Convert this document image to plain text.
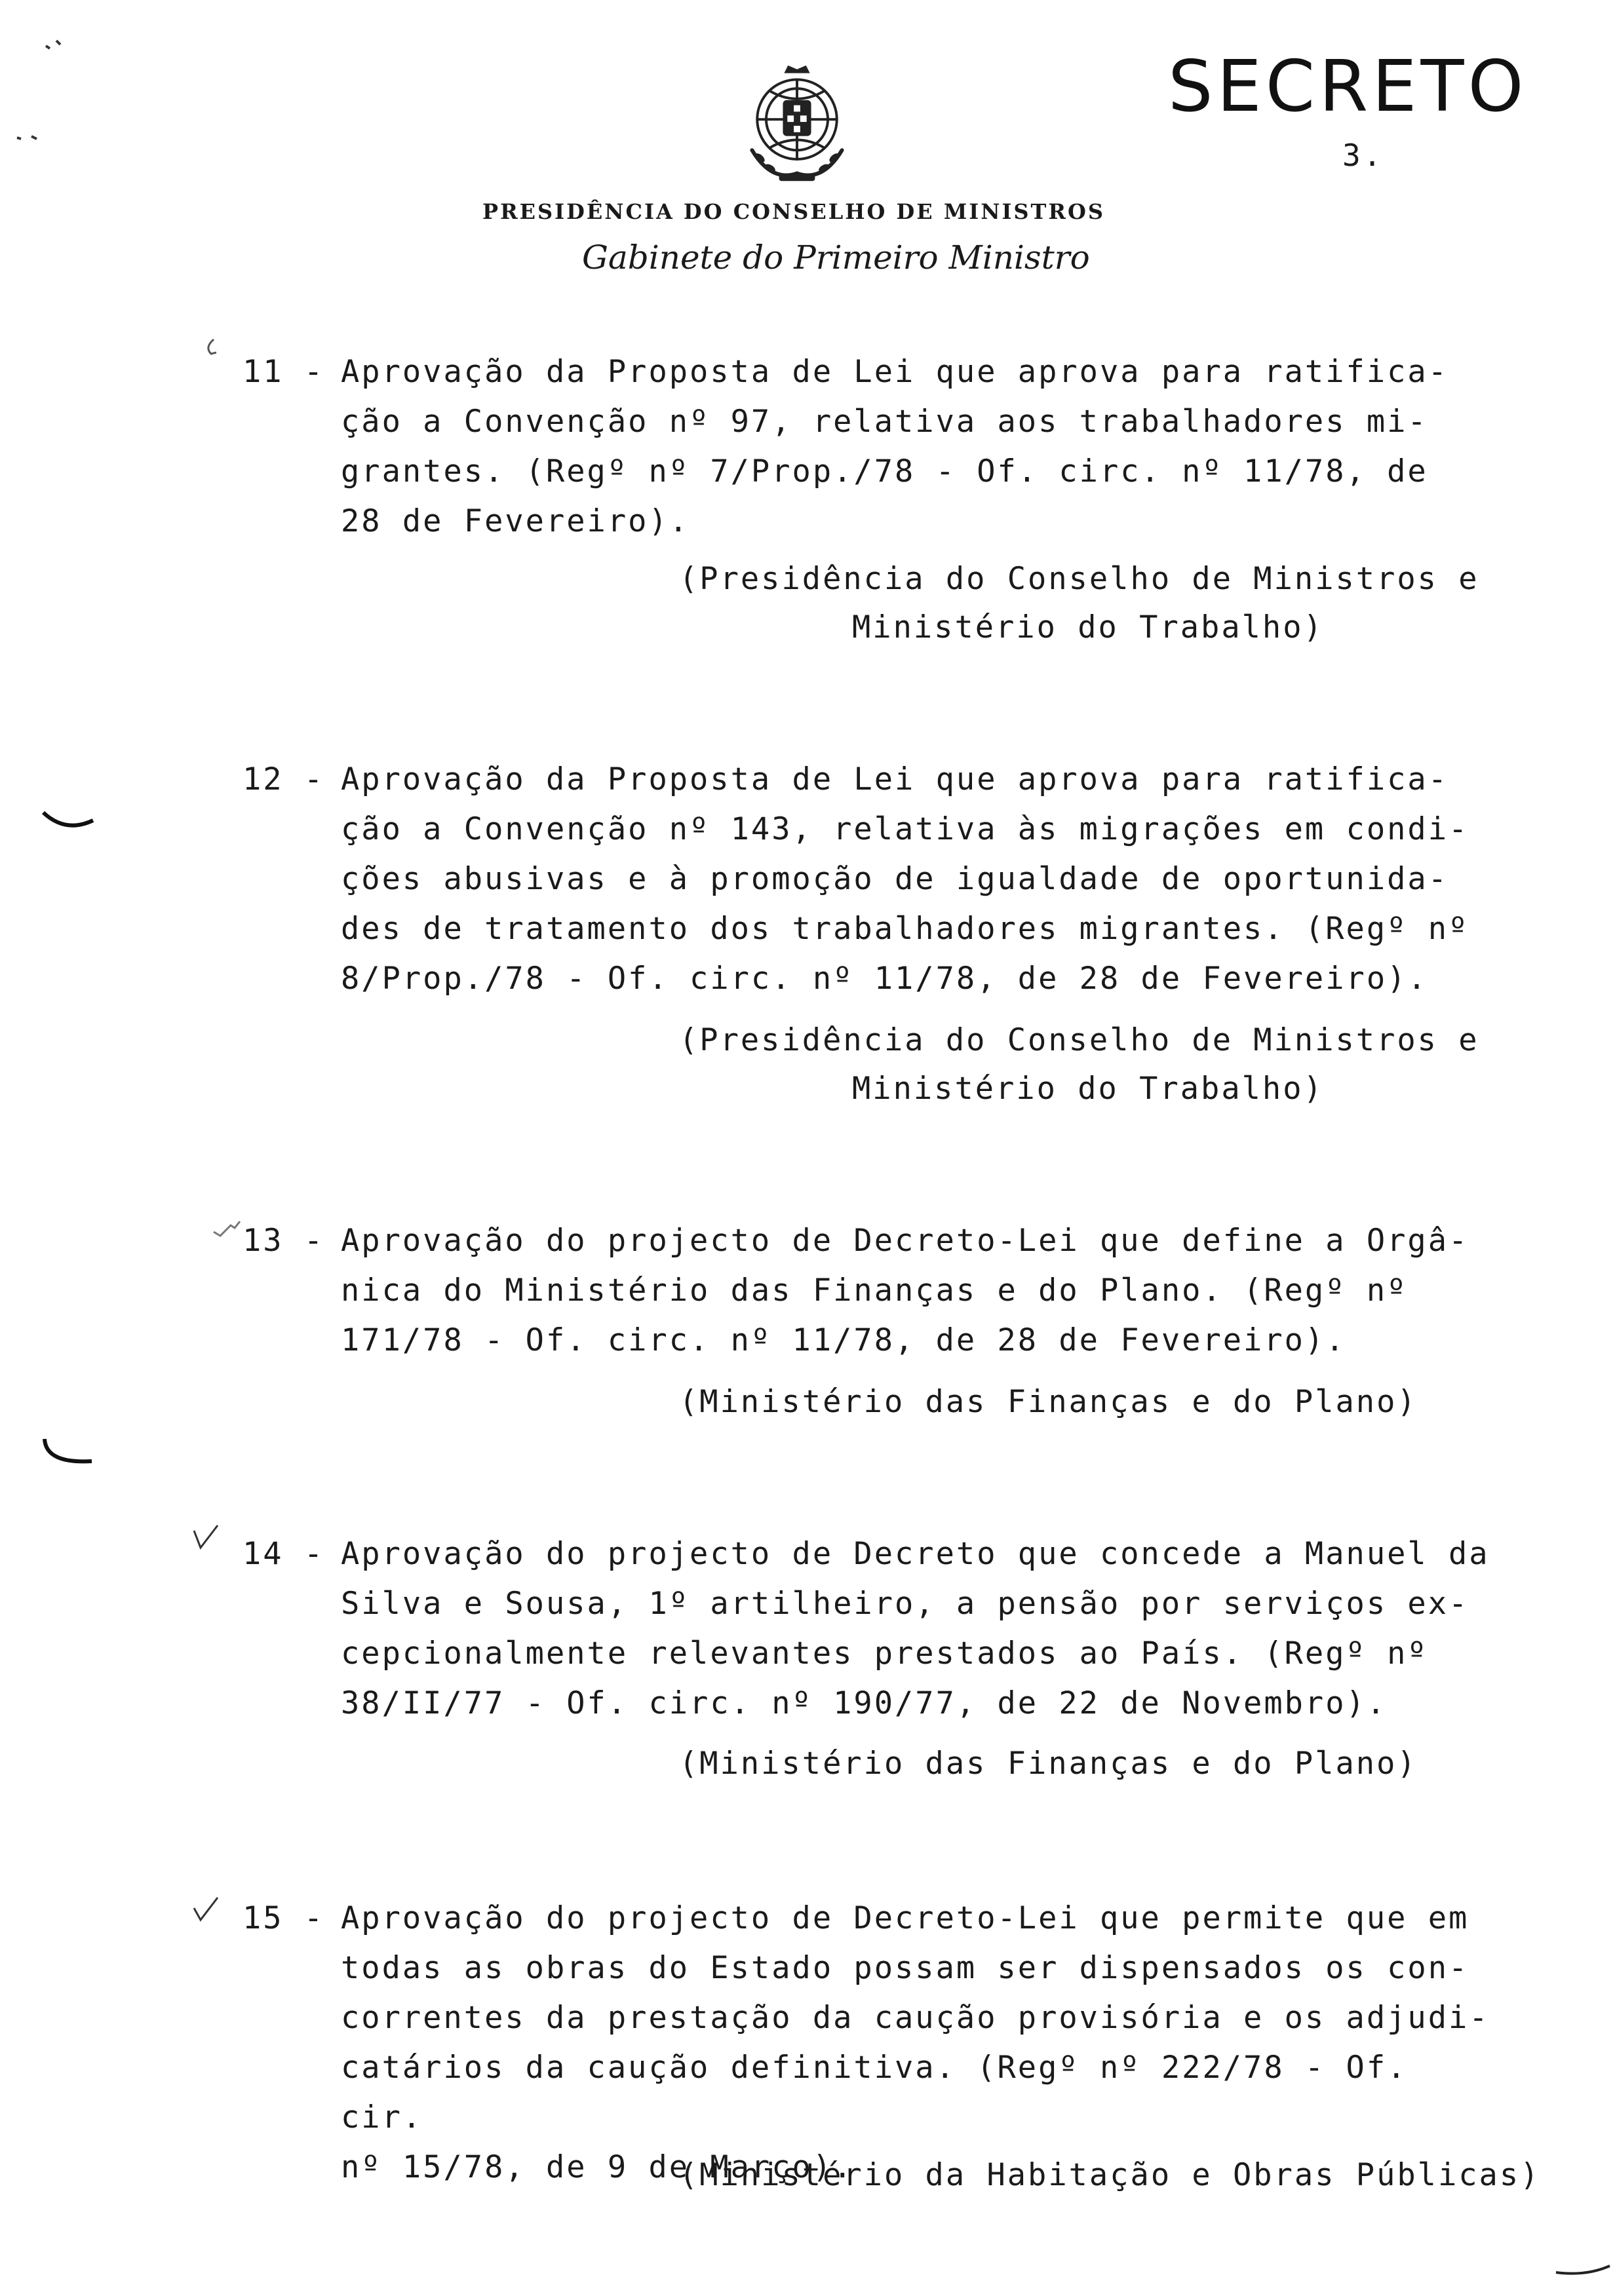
SECRETO
3.
PRESIDÊNCIA DO CONSELHO DE MINISTROS
Gabinete do Primeiro Ministro
11 - Aprovação da Proposta de Lei que aprova para ratifica-
ção a Convenção nº 97, relativa aos trabalhadores mi-
grantes. (Regº nº 7/Prop./78 - Of. circ. nº 11/78, de
28 de Fevereiro).
(Presidência do Conselho de Ministros e
Ministério do Trabalho)
12 - Aprovação da Proposta de Lei que aprova para ratifica-
ção a Convenção nº 143, relativa às migrações em condi-
ções abusivas e à promoção de igualdade de oportunida-
des de tratamento dos trabalhadores migrantes. (Regº nº
8/Prop./78 - Of. circ. nº 11/78, de 28 de Fevereiro).
(Presidência do Conselho de Ministros e
Ministério do Trabalho)
13 - Aprovação do projecto de Decreto-Lei que define a Orgâ-
nica do Ministério das Finanças e do Plano. (Regº nº
171/78 - Of. circ. nº 11/78, de 28 de Fevereiro).
(Ministério das Finanças e do Plano)
14 - Aprovação do projecto de Decreto que concede a Manuel da
Silva e Sousa, 1º artilheiro, a pensão por serviços ex-
cepcionalmente relevantes prestados ao País. (Regº nº
38/II/77 - Of. circ. nº 190/77, de 22 de Novembro).
(Ministério das Finanças e do Plano)
15 - Aprovação do projecto de Decreto-Lei que permite que em
todas as obras do Estado possam ser dispensados os con-
correntes da prestação da caução provisória e os adjudi-
catários da caução definitiva. (Regº nº 222/78 - Of. cir.
nº 15/78, de 9 de Março).
(Ministério da Habitação e Obras Públicas)
